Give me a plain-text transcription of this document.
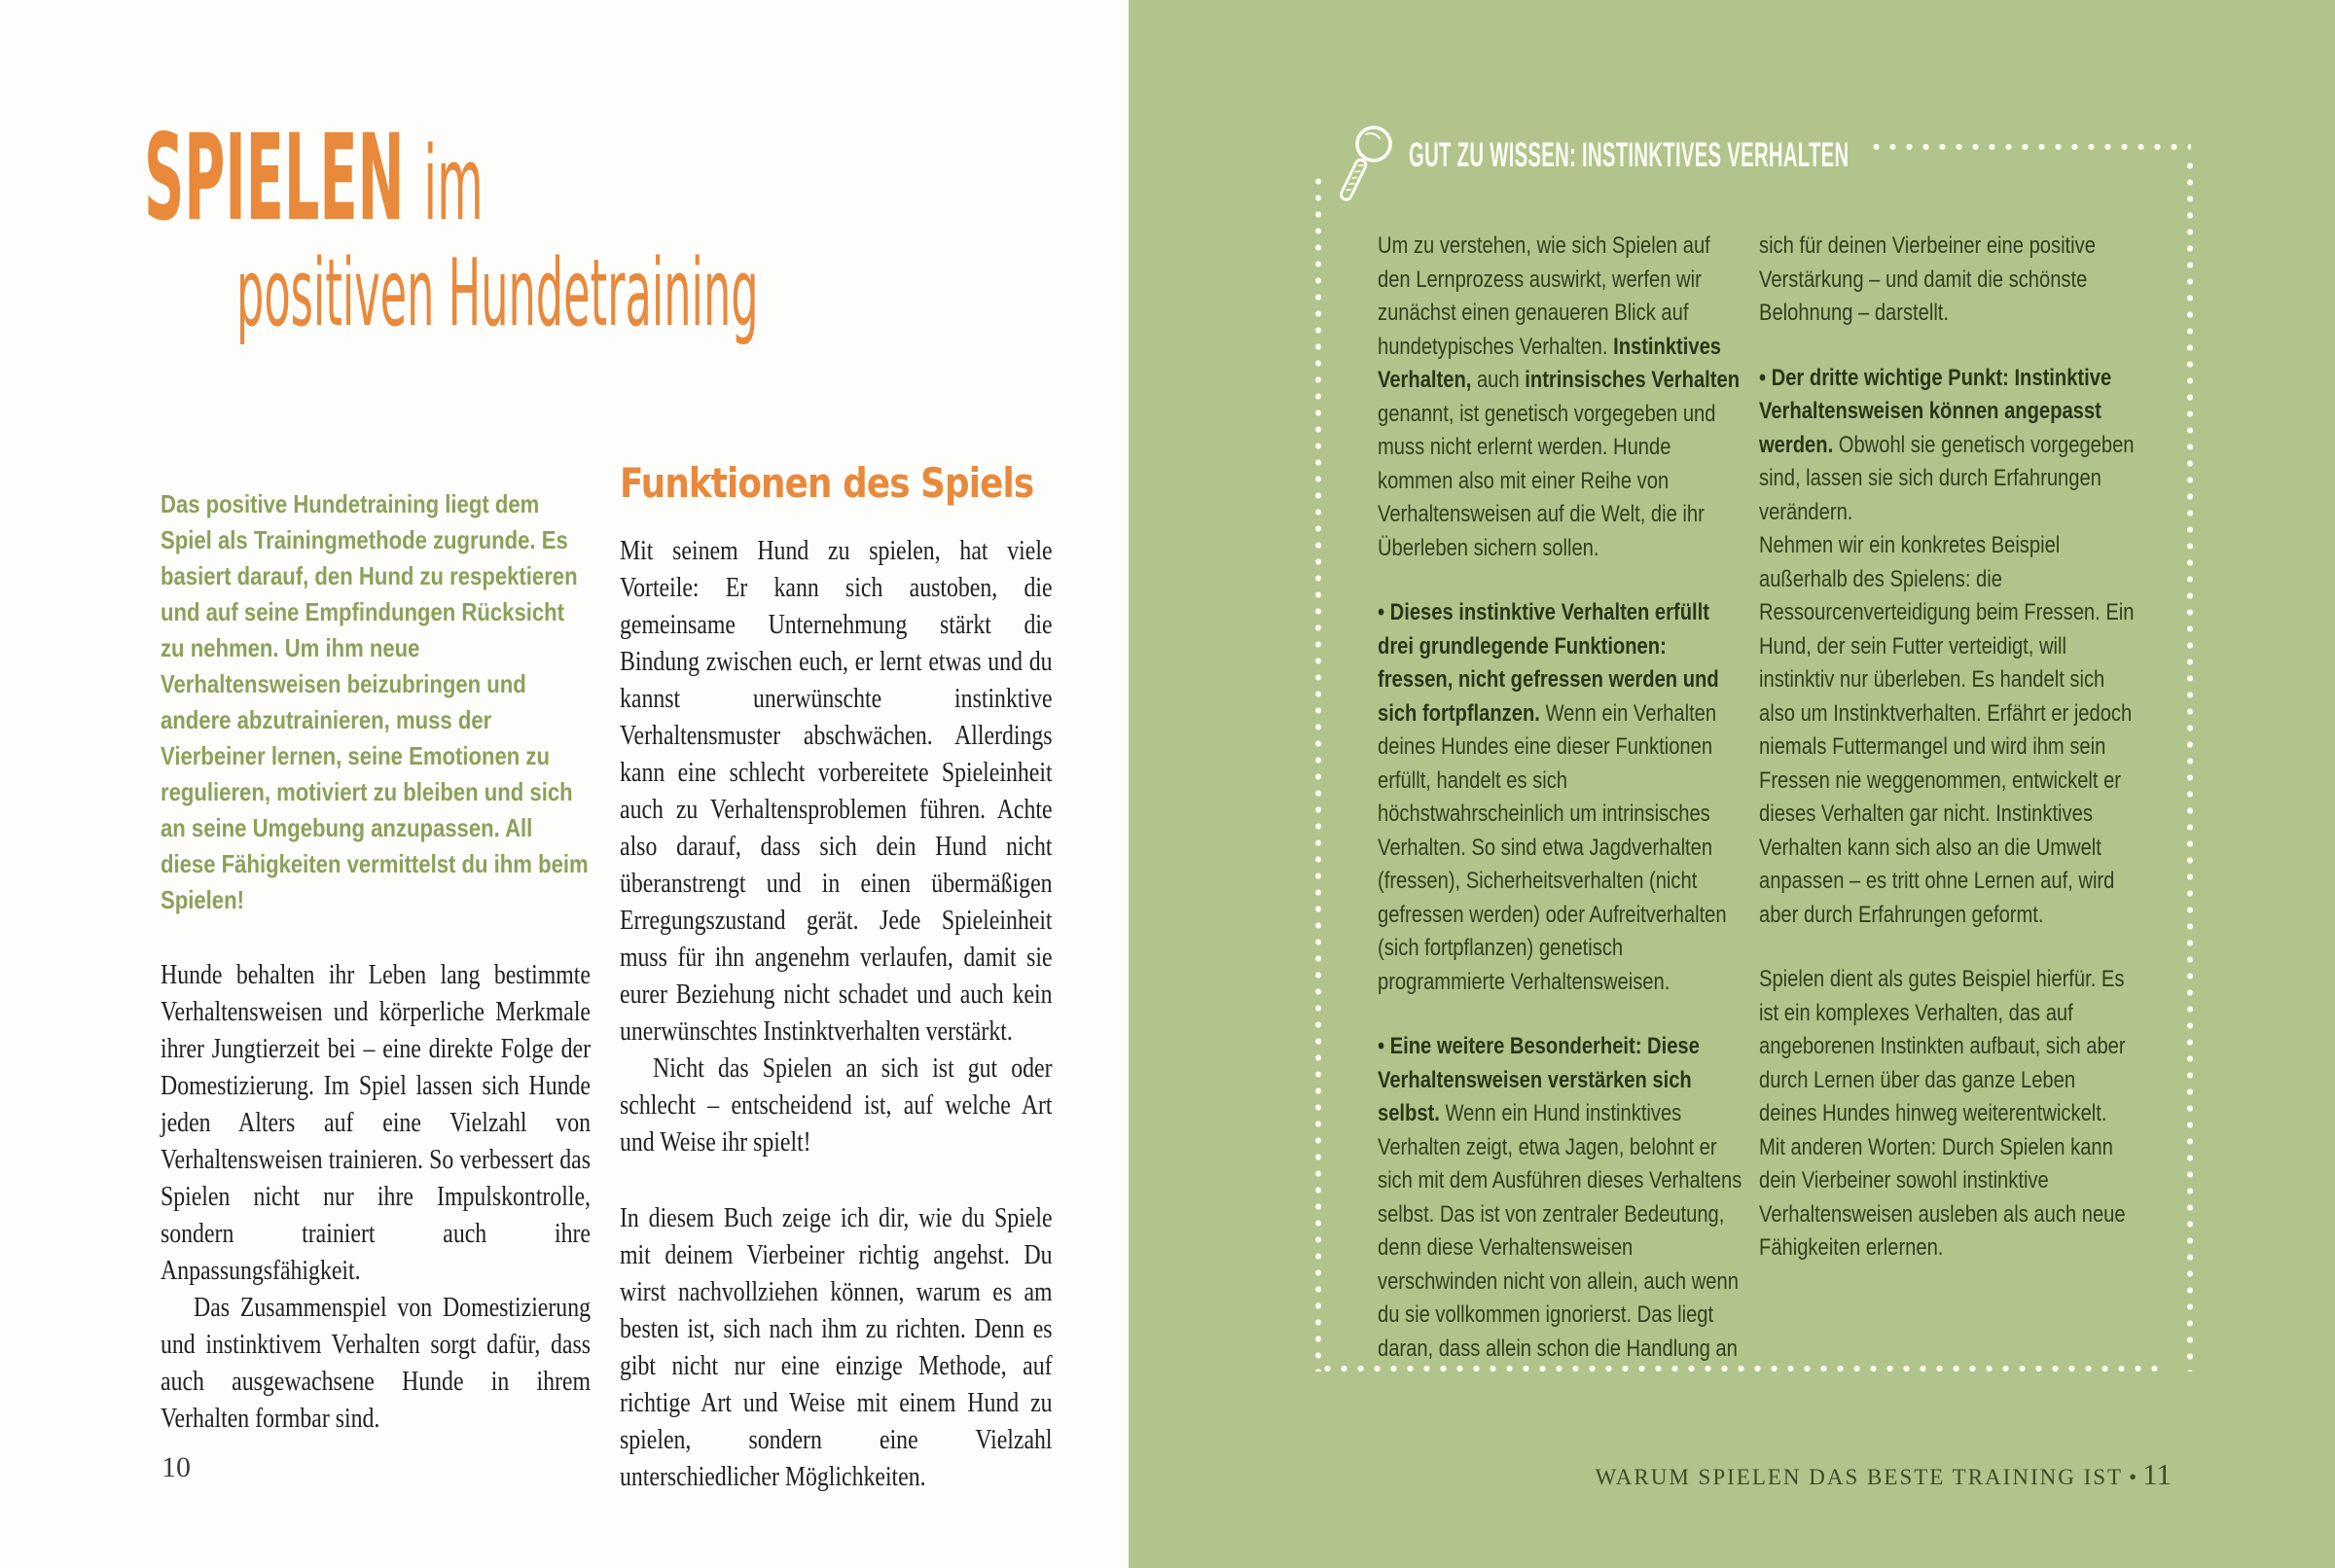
SPIELEN im
positiven Hundetraining

Das positive Hundetraining liegt dem Spiel als Trainingmethode zugrunde. Es basiert darauf, den Hund zu respektieren und auf seine Empfindungen Rücksicht zu nehmen. Um ihm neue Verhaltensweisen beizubringen und andere abzutrainieren, muss der Vierbeiner lernen, seine Emotionen zu regulieren, motiviert zu bleiben und sich an seine Umgebung anzupassen. All diese Fähigkeiten vermittelst du ihm beim Spielen!

Hunde behalten ihr Leben lang bestimmte Verhaltensweisen und körperliche Merkmale ihrer Jungtierzeit bei – eine direkte Folge der Domestizierung. Im Spiel lassen sich Hunde jeden Alters auf eine Vielzahl von Verhaltensweisen trainieren. So verbessert das Spielen nicht nur ihre Impulskontrolle, sondern trainiert auch ihre Anpassungsfähigkeit.

Das Zusammenspiel von Domestizierung und instinktivem Verhalten sorgt dafür, dass auch ausgewachsene Hunde in ihrem Verhalten formbar sind.

Funktionen des Spiels

Mit seinem Hund zu spielen, hat viele Vorteile: Er kann sich austoben, die gemeinsame Unternehmung stärkt die Bindung zwischen euch, er lernt etwas und du kannst unerwünschte instinktive Verhaltensmuster abschwächen. Allerdings kann eine schlecht vorbereitete Spieleinheit auch zu Verhaltensproblemen führen. Achte also darauf, dass sich dein Hund nicht überanstrengt und in einen übermäßigen Erregungszustand gerät. Jede Spieleinheit muss für ihn angenehm verlaufen, damit sie eurer Beziehung nicht schadet und auch kein unerwünschtes Instinktverhalten verstärkt.

Nicht das Spielen an sich ist gut oder schlecht – entscheidend ist, auf welche Art und Weise ihr spielt!

In diesem Buch zeige ich dir, wie du Spiele mit deinem Vierbeiner richtig angehst. Du wirst nachvollziehen können, warum es am besten ist, sich nach ihm zu richten. Denn es gibt nicht nur eine einzige Methode, auf richtige Art und Weise mit einem Hund zu spielen, sondern eine Vielzahl unterschiedlicher Möglichkeiten.

10
GUT ZU WISSEN: INSTINKTIVES VERHALTEN

Um zu verstehen, wie sich Spielen auf den Lernprozess auswirkt, werfen wir zunächst einen genaueren Blick auf hundetypisches Verhalten. Instinktives Verhalten, auch intrinsisches Verhalten genannt, ist genetisch vorgegeben und muss nicht erlernt werden. Hunde kommen also mit einer Reihe von Verhaltensweisen auf die Welt, die ihr Überleben sichern sollen.

• Dieses instinktive Verhalten erfüllt drei grundlegende Funktionen: fressen, nicht gefressen werden und sich fortpflanzen. Wenn ein Verhalten deines Hundes eine dieser Funktionen erfüllt, handelt es sich höchstwahrscheinlich um intrinsisches Verhalten. So sind etwa Jagdverhalten (fressen), Sicherheitsverhalten (nicht gefressen werden) oder Aufreitverhalten (sich fortpflanzen) genetisch programmierte Verhaltensweisen.

• Eine weitere Besonderheit: Diese Verhaltensweisen verstärken sich selbst. Wenn ein Hund instinktives Verhalten zeigt, etwa Jagen, belohnt er sich mit dem Ausführen dieses Verhaltens selbst. Das ist von zentraler Bedeutung, denn diese Verhaltensweisen verschwinden nicht von allein, auch wenn du sie vollkommen ignorierst. Das liegt daran, dass allein schon die Handlung an

sich für deinen Vierbeiner eine positive Verstärkung – und damit die schönste Belohnung – darstellt.

• Der dritte wichtige Punkt: Instinktive Verhaltensweisen können angepasst werden. Obwohl sie genetisch vorgegeben sind, lassen sie sich durch Erfahrungen verändern.
Nehmen wir ein konkretes Beispiel außerhalb des Spielens: die Ressourcenverteidigung beim Fressen. Ein Hund, der sein Futter verteidigt, will instinktiv nur überleben. Es handelt sich also um Instinktverhalten. Erfährt er jedoch niemals Futtermangel und wird ihm sein Fressen nie weggenommen, entwickelt er dieses Verhalten gar nicht. Instinktives Verhalten kann sich also an die Umwelt anpassen – es tritt ohne Lernen auf, wird aber durch Erfahrungen geformt.

Spielen dient als gutes Beispiel hierfür. Es ist ein komplexes Verhalten, das auf angeborenen Instinkten aufbaut, sich aber durch Lernen über das ganze Leben deines Hundes hinweg weiterentwickelt. Mit anderen Worten: Durch Spielen kann dein Vierbeiner sowohl instinktive Verhaltensweisen ausleben als auch neue Fähigkeiten erlernen.

WARUM SPIELEN DAS BESTE TRAINING IST • 11
